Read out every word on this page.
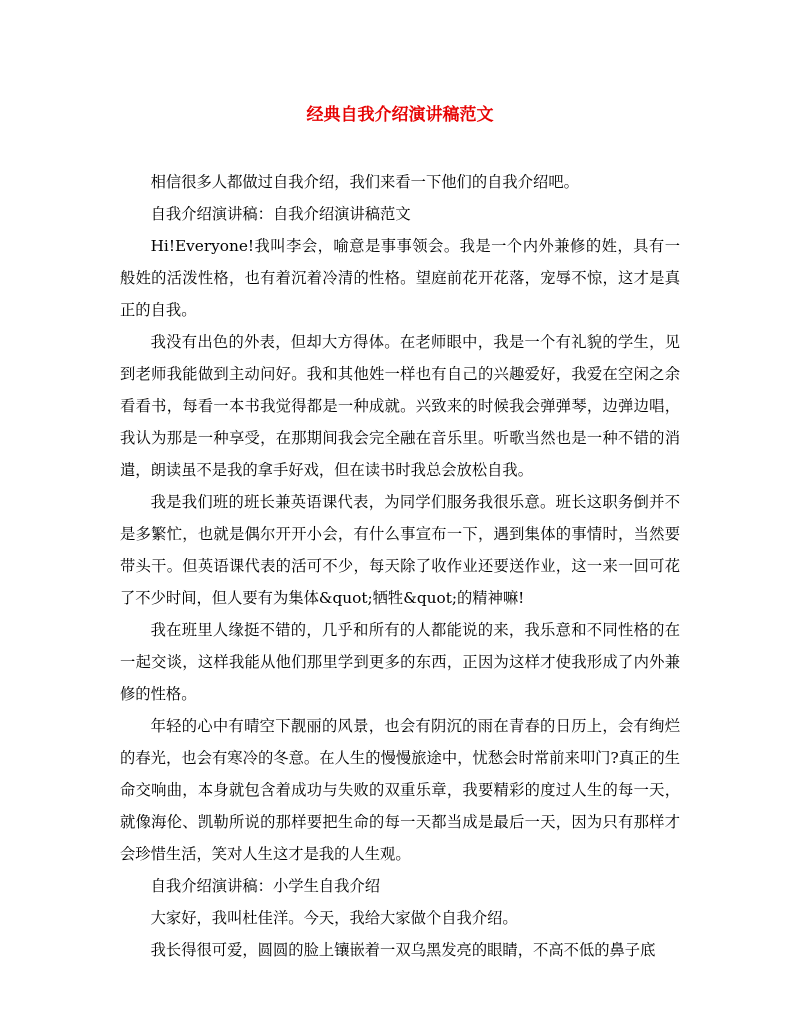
经典自我介绍演讲稿范文

相信很多人都做过自我介绍，我们来看一下他们的自我介绍吧。

自我介绍演讲稿：自我介绍演讲稿范文

Hi!Everyone!我叫李会，喻意是事事领会。我是一个内外兼修的姓，具有一般姓的活泼性格，也有着沉着冷清的性格。望庭前花开花落，宠辱不惊，这才是真正的自我。

我没有出色的外表，但却大方得体。在老师眼中，我是一个有礼貌的学生，见到老师我能做到主动问好。我和其他姓一样也有自己的兴趣爱好，我爱在空闲之余看看书，每看一本书我觉得都是一种成就。兴致来的时候我会弹弹琴，边弹边唱，我认为那是一种享受，在那期间我会完全融在音乐里。听歌当然也是一种不错的消遣，朗读虽不是我的拿手好戏，但在读书时我总会放松自我。

我是我们班的班长兼英语课代表，为同学们服务我很乐意。班长这职务倒并不是多繁忙，也就是偶尔开开小会，有什么事宣布一下，遇到集体的事情时，当然要带头干。但英语课代表的活可不少，每天除了收作业还要送作业，这一来一回可花了不少时间，但人要有为集体&quot;牺牲&quot;的精神嘛!

我在班里人缘挺不错的，几乎和所有的人都能说的来，我乐意和不同性格的在一起交谈，这样我能从他们那里学到更多的东西，正因为这样才使我形成了内外兼修的性格。

年轻的心中有晴空下靓丽的风景，也会有阴沉的雨在青春的日历上，会有绚烂的春光，也会有寒冷的冬意。在人生的慢慢旅途中，忧愁会时常前来叩门?真正的生命交响曲，本身就包含着成功与失败的双重乐章，我要精彩的度过人生的每一天，就像海伦、凯勒所说的那样要把生命的每一天都当成是最后一天，因为只有那样才会珍惜生活，笑对人生这才是我的人生观。

自我介绍演讲稿：小学生自我介绍

大家好，我叫杜佳洋。今天，我给大家做个自我介绍。

我长得很可爱，圆圆的脸上镶嵌着一双乌黑发亮的眼睛，不高不低的鼻子底
